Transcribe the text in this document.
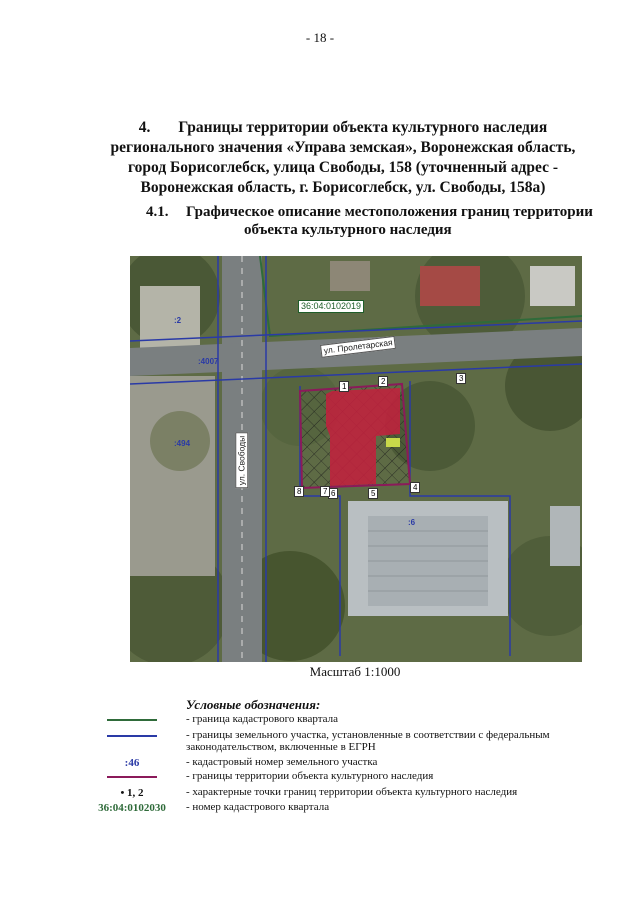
- 18 -
4. Границы территории объекта культурного наследия регионального значения «Управа земская», Воронежская область, город Борисоглебск, улица Свободы, 158 (уточненный адрес - Воронежская область, г. Борисоглебск, ул. Свободы, 158а)
4.1. Графическое описание местоположения границ территории
объекта культурного наследия
36:04:0102019
ул. Пролетарская
ул. Свободы
:494
:4007
:6
:2
1
2	3
4
5
6
7
8
Масштаб 1:1000
Условные обозначения:
- граница кадастрового квартала
- границы земельного участка, установленные в соответствии с федеральным законодательством, включенные в ЕГРН
:46	- кадастровый номер земельного участка
- границы территории объекта культурного наследия
• 1, 2	- характерные точки границ территории объекта культурного наследия
36:04:0102030 - номер кадастрового квартала
